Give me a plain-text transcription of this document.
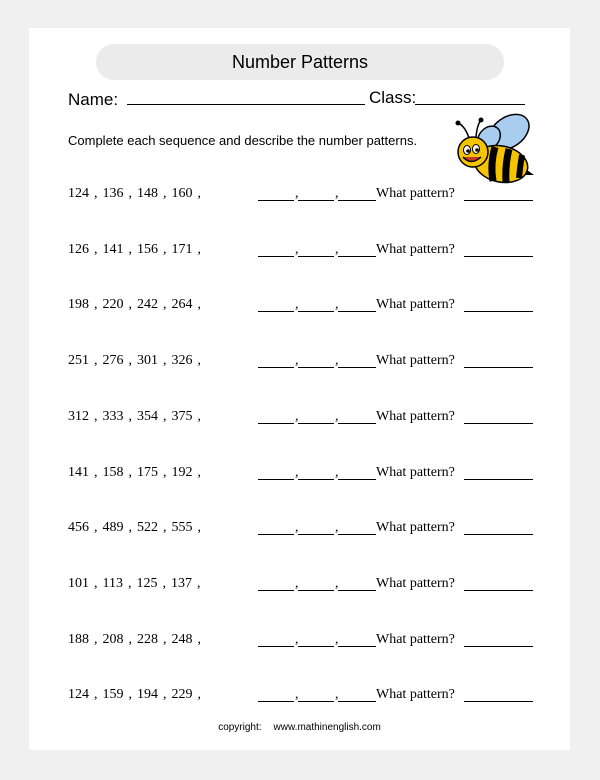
Number Patterns
Name:	Class:
Complete each sequence and describe the number patterns.
124 , 136 , 148 , 160 ,	,	,	What pattern?
126 , 141 , 156 , 171 ,	,	,	What pattern?
198 , 220 , 242 , 264 ,	,	,	What pattern?
251 , 276 , 301 , 326 ,	,	,	What pattern?
312 , 333 , 354 , 375 ,	,	,	What pattern?
141 , 158 , 175 , 192 ,	,	,	What pattern?
456 , 489 , 522 , 555 ,	,	,	What pattern?
101 , 113 , 125 , 137 ,	,	,	What pattern?
188 , 208 , 228 , 248 ,	,	,	What pattern?
124 , 159 , 194 , 229 ,	,	,	What pattern?
copyright: www.mathinenglish.com
